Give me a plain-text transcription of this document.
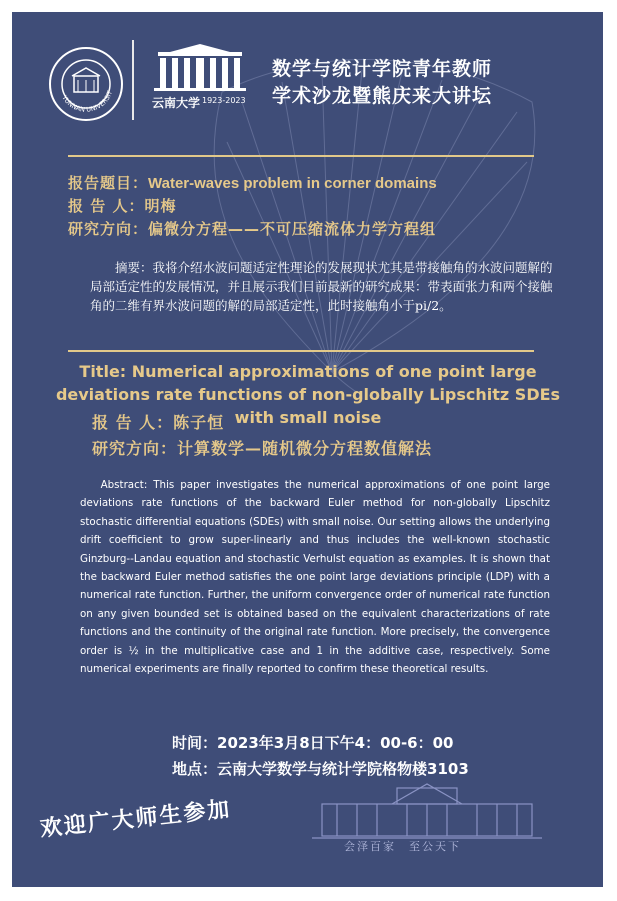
YUNNAN UNIVERSIT
云南大学 1923-2023
数学与统计学院青年教师
学术沙龙暨熊庆来大讲坛
报告题目：Water-waves problem in corner domains
报 告 人：明梅
研究方向：偏微分方程——不可压缩流体力学方程组
摘要：我将介绍水波问题适定性理论的发展现状尤其是带接触角的水波问题解的局部适定性的发展情况，并且展示我们目前最新的研究成果：带表面张力和两个接触角的二维有界水波问题的解的局部适定性，此时接触角小于pi/2。
Title: Numerical approximations of one point large deviations rate functions of non-globally Lipschitz SDEs with small noise
报 告 人：陈子恒
研究方向：计算数学—随机微分方程数值解法
Abstract: This paper investigates the numerical approximations of one point large deviations rate functions of the backward Euler method for non-globally Lipschitz stochastic differential equations (SDEs) with small noise. Our setting allows the underlying drift coefficient to grow super-linearly and thus includes the well-known stochastic Ginzburg--Landau equation and stochastic Verhulst equation as examples. It is shown that the backward Euler method satisfies the one point large deviations principle (LDP) with a numerical rate function. Further, the uniform convergence order of numerical rate function on any given bounded set is obtained based on the equivalent characterizations of rate functions and the continuity of the original rate function. More precisely, the convergence order is ½ in the multiplicative case and 1 in the additive case, respectively. Some numerical experiments are finally reported to confirm these theoretical results.
时间：2023年3月8日下午4：00-6：00
地点：云南大学数学与统计学院格物楼3103
欢迎广大师生参加
会泽百家　至公天下
